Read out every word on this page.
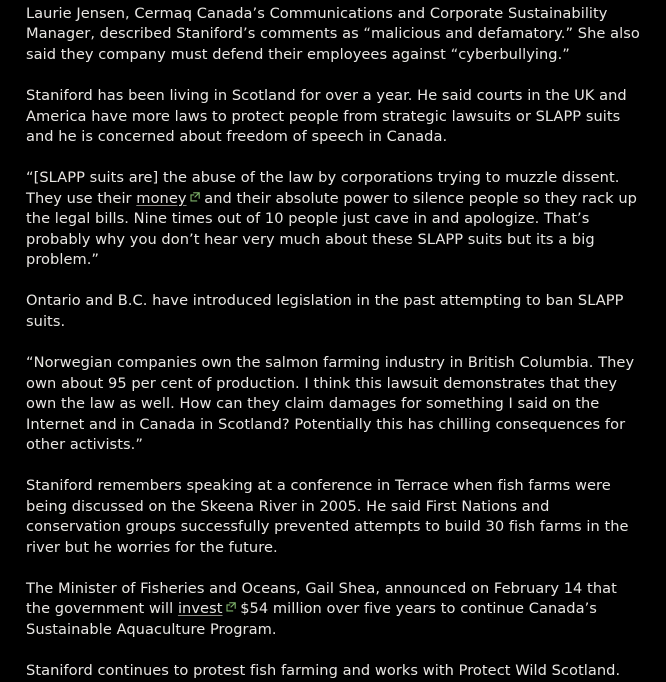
Laurie Jensen, Cermaq Canada’s Communications and Corporate Sustainability Manager, described Staniford’s comments as “malicious and defamatory.” She also said they company must defend their employees against “cyberbullying.”

Staniford has been living in Scotland for over a year. He said courts in the UK and America have more laws to protect people from strategic lawsuits or SLAPP suits and he is concerned about freedom of speech in Canada.

“[SLAPP suits are] the abuse of the law by corporations trying to muzzle dissent. They use their money and their absolute power to silence people so they rack up the legal bills. Nine times out of 10 people just cave in and apologize. That’s probably why you don’t hear very much about these SLAPP suits but its a big problem.”

Ontario and B.C. have introduced legislation in the past attempting to ban SLAPP suits.

“Norwegian companies own the salmon farming industry in British Columbia. They own about 95 per cent of production. I think this lawsuit demonstrates that they own the law as well. How can they claim damages for something I said on the Internet and in Canada in Scotland? Potentially this has chilling consequences for other activists.”

Staniford remembers speaking at a conference in Terrace when fish farms were being discussed on the Skeena River in 2005. He said First Nations and conservation groups successfully prevented attempts to build 30 fish farms in the river but he worries for the future.

The Minister of Fisheries and Oceans, Gail Shea, announced on February 14 that the government will invest $54 million over five years to continue Canada’s Sustainable Aquaculture Program.

Staniford continues to protest fish farming and works with Protect Wild Scotland.
